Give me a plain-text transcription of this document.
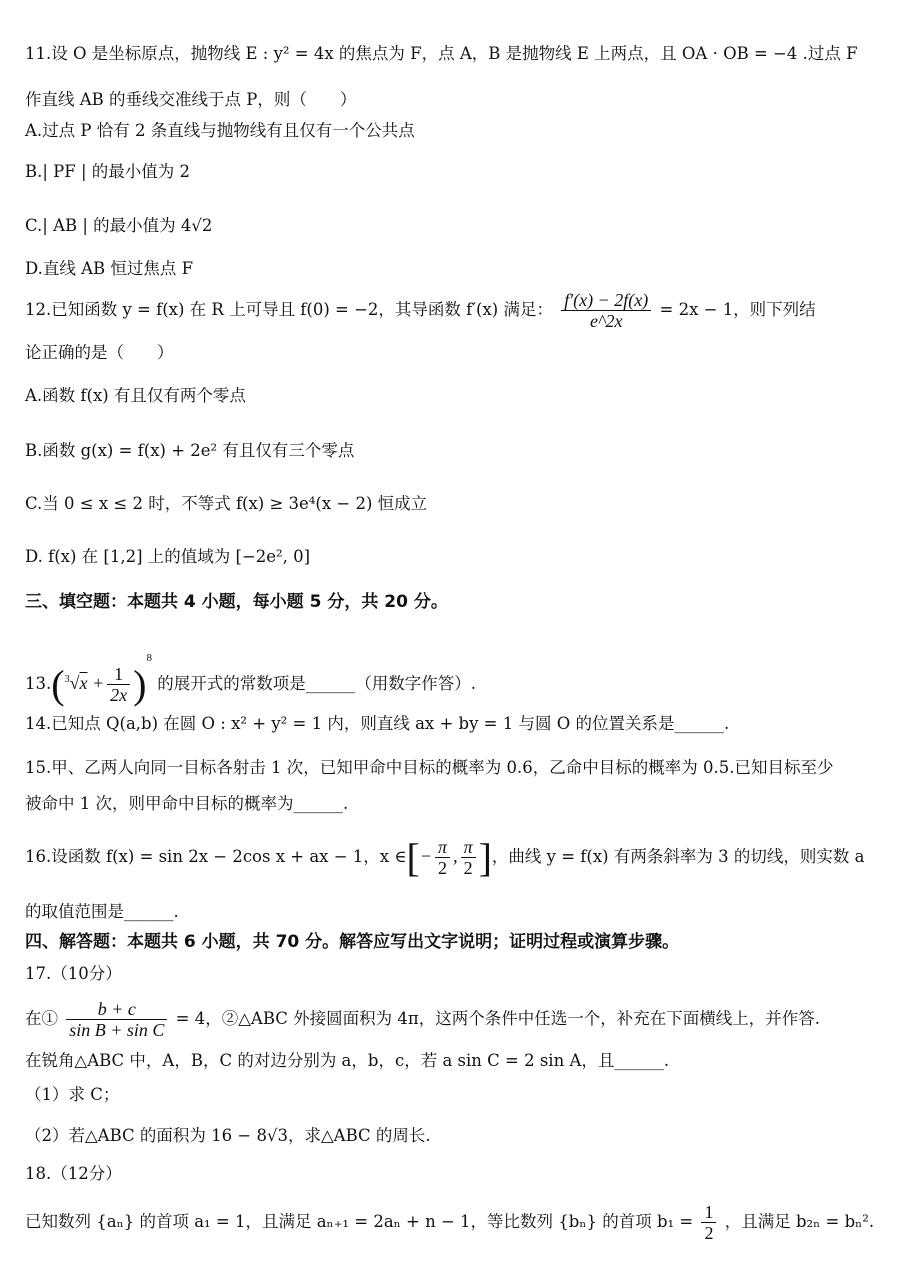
11.设 O 是坐标原点，抛物线 E : y² = 4x 的焦点为 F，点 A，B 是抛物线 E 上两点，且 OA · OB = −4 .过点 F
作直线 AB 的垂线交准线于点 P，则（　　）
A.过点 P 恰有 2 条直线与抛物线有且仅有一个公共点
B.| PF | 的最小值为 2
C.| AB | 的最小值为 4√2
D.直线 AB 恒过焦点 F
12.已知函数 y = f(x) 在 R 上可导且 f(0) = −2，其导函数 f′(x) 满足： $\frac{f'(x) - 2f(x)}{e\^{}2x} = 2x - 1$，则下列结
论正确的是（　　）
A.函数 f(x) 有且仅有两个零点
B.函数 g(x) = f(x) + 2e² 有且仅有三个零点
C.当 0 ≤ x ≤ 2 时，不等式 f(x) ≥ 3e⁴(x − 2) 恒成立
D. f(x) 在 [1,2] 上的值域为 [−2e², 0]
三、填空题：本题共 4 小题，每小题 5 分，共 20 分。
$13.(^3√x + \frac{1}{2x} )^8$ 的展开式的常数项是______（用数字作答）.
14.已知点 Q(a,b) 在圆 O : x² + y² = 1 内，则直线 ax + by = 1 与圆 O 的位置关系是______.
15.甲、乙两人向同一目标各射击 1 次，已知甲命中目标的概率为 0.6，乙命中目标的概率为 0.5.已知目标至少
被命中 1 次，则甲命中目标的概率为______.
16.设函数 f(x) = sin 2x − 2cos x + ax − 1，x ∈[− $\frac{\pi}{2}$ , $\frac{\pi}{2}$ ]，曲线 y = f(x) 有两条斜率为 3 的切线，则实数 a
的取值范围是______.
四、解答题：本题共 6 小题，共 70 分。解答应写出文字说明；证明过程或演算步骤。
17.（10分）
在① $\frac{b + c}{\text{sin B + sin C}} = 4$，②△ABC 外接圆面积为 4π，这两个条件中任选一个，补充在下面横线上，并作答.
在锐角△ABC 中，A，B，C 的对边分别为 a，b，c，若 a sin C = 2 sin A，且______.
（1）求 C；
（2）若△ABC 的面积为 16 − 8√3，求△ABC 的周长.
18.（12分）
已知数列 {aₙ} 的首项 a₁ = 1，且满足 aₙ₊₁ = 2aₙ + n − 1，等比数列 {bₙ} 的首项 $b_1 = \frac{1}{2}$ ，且满足 b₂ₙ = bₙ².
